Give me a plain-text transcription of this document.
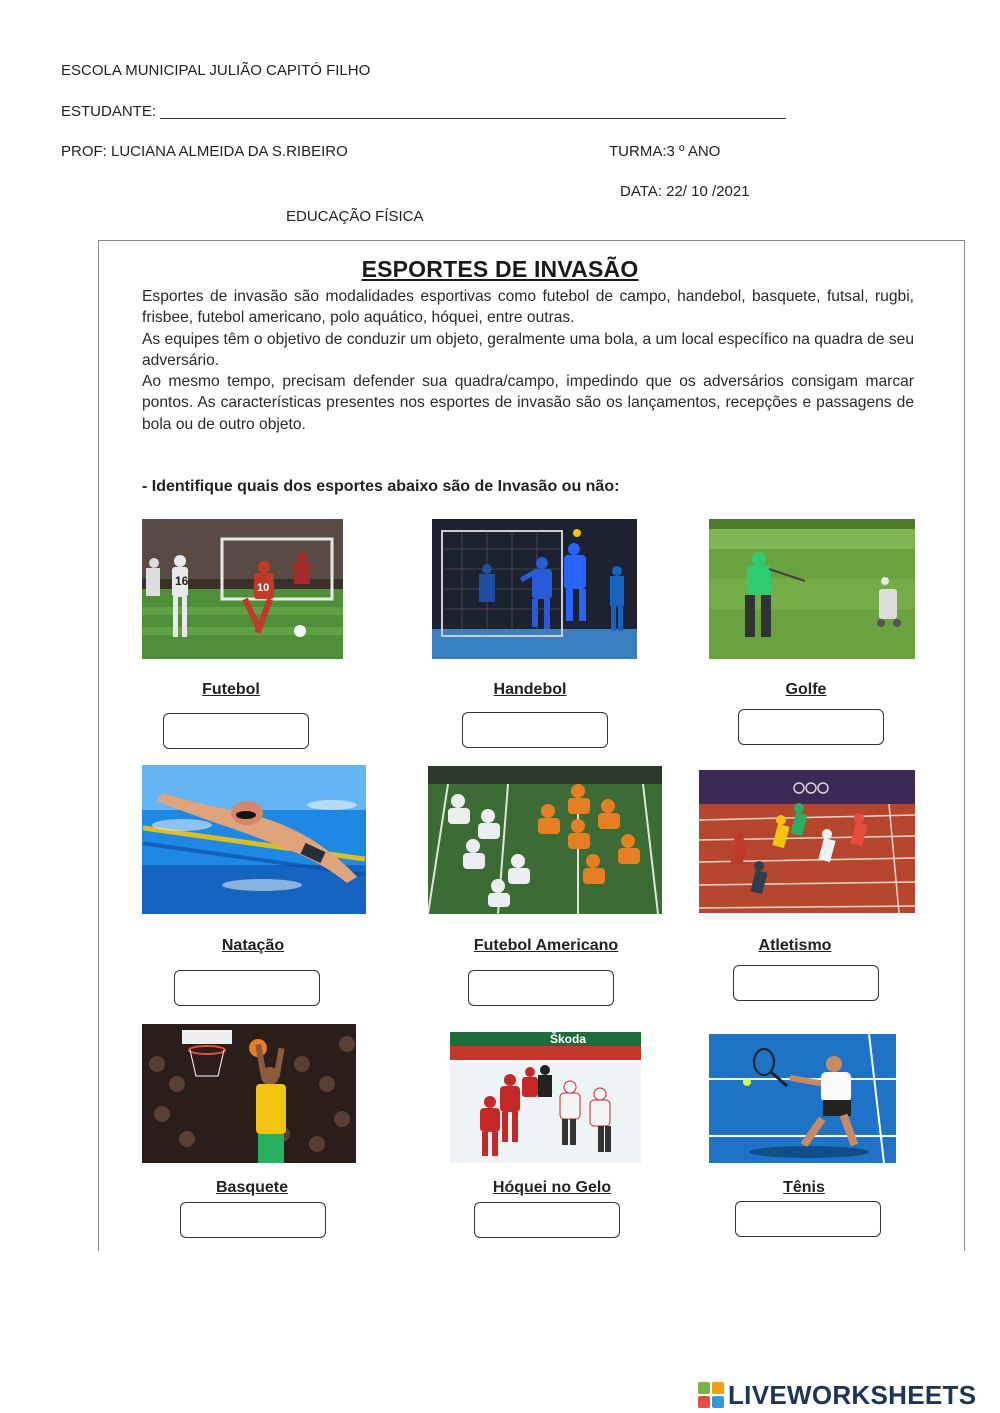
ESCOLA MUNICIPAL JULIÃO CAPITÓ FILHO
ESTUDANTE: ___________________________________________________________________________
PROF: LUCIANA ALMEIDA DA S.RIBEIRO	TURMA:3 º ANO
DATA: 22/ 10 /2021
EDUCAÇÃO FÍSICA
ESPORTES DE INVASÃO

Esportes de invasão são modalidades esportivas como futebol de campo, handebol, basquete, futsal, rugbi, frisbee, futebol americano, polo aquático, hóquei, entre outras.

As equipes têm o objetivo de conduzir um objeto, geralmente uma bola, a um local específico na quadra de seu adversário.

Ao mesmo tempo, precisam defender sua quadra/campo, impedindo que os adversários consigam marcar pontos. As características presentes nos esportes de invasão são os lançamentos, recepções e passagens de bola ou de outro objeto.

- Identifique quais dos esportes abaixo são de Invasão ou não:
16	10
Futebol	Handebol	Golfe
Natação	Futebol Americano	Atletismo
Škoda
Basquete	Hóquei no Gelo	Tênis
LIVEWORKSHEETS
